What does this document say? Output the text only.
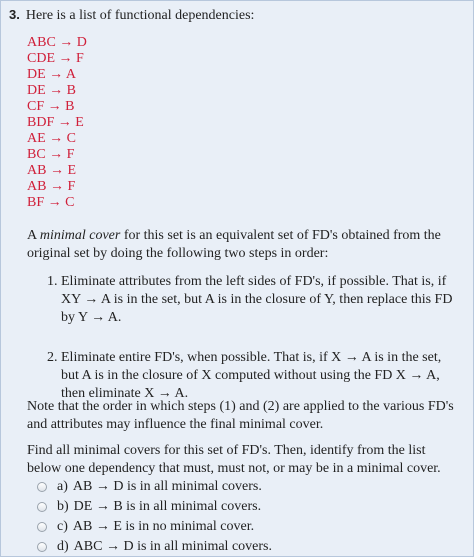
3. Here is a list of functional dependencies:
ABC → D
CDE → F
DE → A
DE → B
CF → B
BDF → E
AE → C
BC → F
AB → E
AB → F
BF → C

A minimal cover for this set is an equivalent set of FD's obtained from the
original set by doing the following two steps in order:

1. Eliminate attributes from the left sides of FD's, if possible. That is, if
XY → A is in the set, but A is in the closure of Y, then replace this FD
by Y → A.
2. Eliminate entire FD's, when possible. That is, if X → A is in the set,
but A is in the closure of X computed without using the FD X → A,
then eliminate X → A.

Note that the order in which steps (1) and (2) are applied to the various FD's
and attributes may influence the final minimal cover.

Find all minimal covers for this set of FD's. Then, identify from the list
below one dependency that must, must not, or may be in a minimal cover.

a) AB → D is in all minimal covers.
b) DE → B is in all minimal covers.
c) AB → E is in no minimal cover.
d) ABC → D is in all minimal covers.
